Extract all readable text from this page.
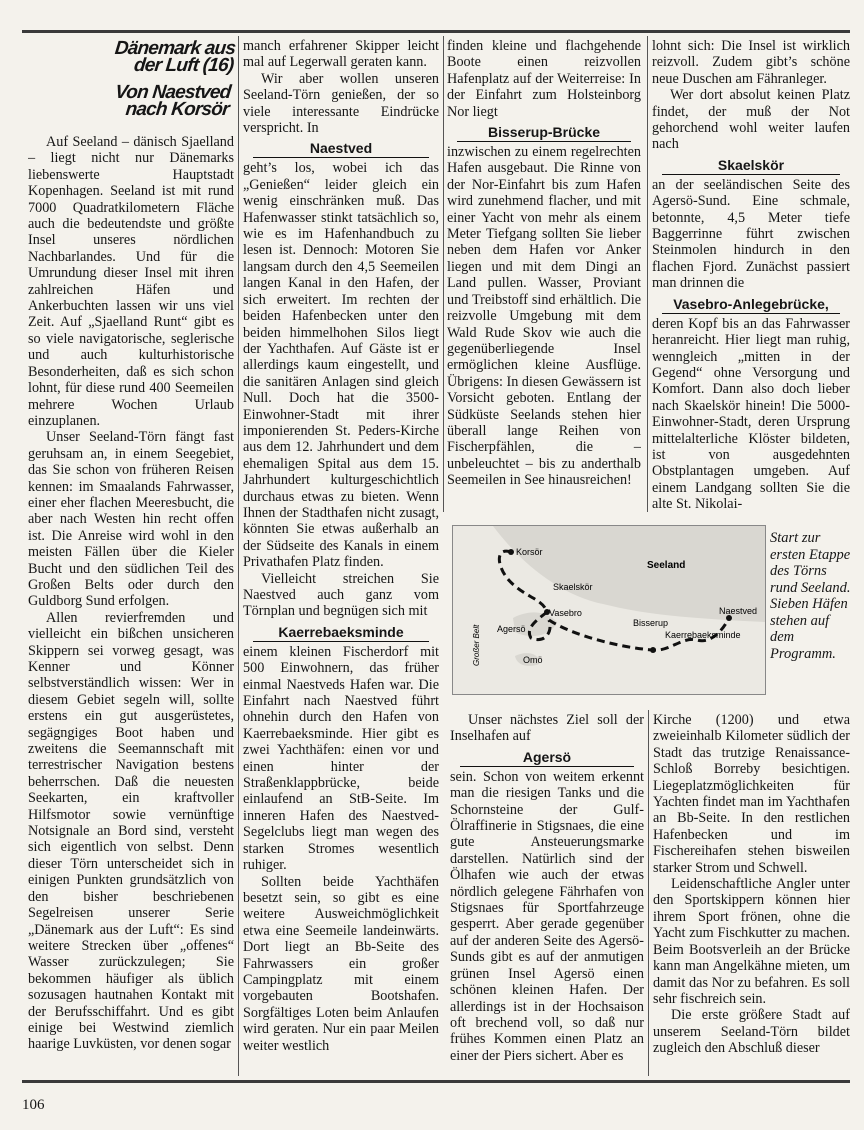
Dänemark aus der Luft (16)
Von Naestved nach Korsör

Auf Seeland – dänisch Sjaelland – liegt nicht nur Dänemarks liebenswerte Hauptstadt Kopenhagen. Seeland ist mit rund 7000 Quadratkilometern Fläche auch die bedeutendste und größte Insel unseres nördlichen Nachbarlandes. Und für die Umrundung dieser Insel mit ihren zahlreichen Häfen und Ankerbuchten lassen wir uns viel Zeit. Auf „Sjaelland Runt“ gibt es so viele navigatorische, seglerische und auch kulturhistorische Besonderheiten, daß es sich schon lohnt, für diese rund 400 Seemeilen mehrere Wochen Urlaub einzuplanen.

Unser Seeland-Törn fängt fast geruhsam an, in einem Seegebiet, das Sie schon von früheren Reisen kennen: im Smaalands Fahrwasser, einer eher flachen Meeresbucht, die aber nach Westen hin recht offen ist. Die Anreise wird wohl in den meisten Fällen über die Kieler Bucht und den südlichen Teil des Großen Belts oder durch den Guldborg Sund erfolgen.

Allen revierfremden und vielleicht ein bißchen unsicheren Skippern sei vorweg gesagt, was Kenner und Könner selbstverständlich wissen: Wer in diesem Gebiet segeln will, sollte erstens ein gut ausgerüstetes, segägngiges Boot haben und zweitens die Seemannschaft mit terrestrischer Navigation bestens beherrschen. Daß die neuesten Seekarten, ein kraftvoller Hilfsmotor sowie vernünftige Notsignale an Bord sind, versteht sich eigentlich von selbst. Denn dieser Törn unterscheidet sich in einigen Punkten grundsätzlich von den bisher beschriebenen Segelreisen unserer Serie „Dänemark aus der Luft“: Es sind weitere Strecken über „offenes“ Wasser zurückzulegen; Sie bekommen häufiger als üblich sozusagen hautnahen Kontakt mit der Berufsschiffahrt. Und es gibt einige bei Westwind ziemlich haarige Luvküsten, vor denen sogar

manch erfahrener Skipper leicht mal auf Legerwall geraten kann.

Wir aber wollen unseren Seeland-Törn genießen, der so viele interessante Eindrücke verspricht. In

Naestved

geht’s los, wobei ich das „Genießen“ leider gleich ein wenig einschränken muß. Das Hafenwasser stinkt tatsächlich so, wie es im Hafenhandbuch zu lesen ist. Dennoch: Motoren Sie langsam durch den 4,5 Seemeilen langen Kanal in den Hafen, der sich erweitert. Im rechten der beiden Hafenbecken unter den beiden himmelhohen Silos liegt der Yachthafen. Auf Gäste ist er allerdings kaum eingestellt, und die sanitären Anlagen sind gleich Null. Doch hat die 3500-Einwohner-Stadt mit ihrer imponierenden St. Peders-Kirche aus dem 12. Jahrhundert und dem ehemaligen Spital aus dem 15. Jahrhundert kulturgeschichtlich durchaus etwas zu bieten. Wenn Ihnen der Stadthafen nicht zusagt, könnten Sie etwas außerhalb an der Südseite des Kanals in einem Privathafen Platz finden.

Vielleicht streichen Sie Naestved auch ganz vom Törnplan und begnügen sich mit

Kaerrebaeksminde

einem kleinen Fischerdorf mit 500 Einwohnern, das früher einmal Naestveds Hafen war. Die Einfahrt nach Naestved führt ohnehin durch den Hafen von Kaerrebaeksminde. Hier gibt es zwei Yachthäfen: einen vor und einen hinter der Straßenklappbrücke, beide einlaufend an StB-Seite. Im inneren Hafen des Naestved-Segelclubs liegt man wegen des starken Stromes wesentlich ruhiger.

Sollten beide Yachthäfen besetzt sein, so gibt es eine weitere Ausweichmöglichkeit etwa eine Seemeile landeinwärts. Dort liegt an Bb-Seite des Fahrwassers ein großer Campingplatz mit einem vorgebauten Bootshafen. Sorgfältiges Loten beim Anlaufen wird geraten. Nur ein paar Meilen weiter westlich

finden kleine und flachgehende Boote einen reizvollen Hafenplatz auf der Weiterreise: In der Einfahrt zum Holsteinborg Nor liegt

Bisserup-Brücke

inzwischen zu einem regelrechten Hafen ausgebaut. Die Rinne von der Nor-Einfahrt bis zum Hafen wird zunehmend flacher, und mit einer Yacht von mehr als einem Meter Tiefgang sollten Sie lieber neben dem Hafen vor Anker liegen und mit dem Dingi an Land pullen. Wasser, Proviant und Treibstoff sind erhältlich. Die reizvolle Umgebung mit dem Wald Rude Skov wie auch die gegenüberliegende Insel ermöglichen kleine Ausflüge. Übrigens: In diesen Gewässern ist Vorsicht geboten. Entlang der Südküste Seelands stehen hier überall lange Reihen von Fischerpfählen, die – unbeleuchtet – bis zu anderthalb Seemeilen in See hinausreichen!

lohnt sich: Die Insel ist wirklich reizvoll. Zudem gibt’s schöne neue Duschen am Fähranleger.

Wer dort absolut keinen Platz findet, der muß der Not gehorchend wohl weiter laufen nach

Skaelskör

an der seeländischen Seite des Agersö-Sund. Eine schmale, betonnte, 4,5 Meter tiefe Baggerrinne führt zwischen Steinmolen hindurch in den flachen Fjord. Zunächst passiert man drinnen die

Vasebro-Anlegebrücke,

deren Kopf bis an das Fahrwasser heranreicht. Hier liegt man ruhig, wenngleich „mitten in der Gegend“ ohne Versorgung und Komfort. Dann also doch lieber nach Skaelskör hinein! Die 5000-Einwohner-Stadt, deren Ursprung mittelalterliche Klöster bildeten, ist von ausgedehnten Obstplantagen umgeben. Auf einem Landgang sollten Sie die alte St. Nikolai-

Korsör
Seeland
Skaelskör
Vasebro
Agersö
Bisserup
Naestved
Kaerrebaeksminde
Großer Belt	Omö
Start zur ersten Etappe des Törns rund Seeland. Sieben Häfen stehen auf dem Programm.

Unser nächstes Ziel soll der Inselhafen auf

Agersö

sein. Schon von weitem erkennt man die riesigen Tanks und die Schornsteine der Gulf-Ölraffinerie in Stigsnaes, die eine gute Ansteuerungsmarke darstellen. Natürlich sind der Ölhafen wie auch der etwas nördlich gelegene Fährhafen von Stigsnaes für Sportfahrzeuge gesperrt. Aber gerade gegenüber auf der anderen Seite des Agersö-Sunds gibt es auf der anmutigen grünen Insel Agersö einen schönen kleinen Hafen. Der allerdings ist in der Hochsaison oft brechend voll, so daß nur frühes Kommen einen Platz an einer der Piers sichert. Aber es

Kirche (1200) und etwa zweieinhalb Kilometer südlich der Stadt das trutzige Renaissance-Schloß Borreby besichtigen. Liegeplatzmöglichkeiten für Yachten findet man im Yachthafen an Bb-Seite. In den restlichen Hafenbecken und im Fischereihafen stehen bisweilen starker Strom und Schwell.

Leidenschaftliche Angler unter den Sportskippern können hier ihrem Sport frönen, ohne die Yacht zum Fischkutter zu machen. Beim Bootsverleih an der Brücke kann man Angelkähne mieten, um damit das Nor zu befahren. Es soll sehr fischreich sein.

Die erste größere Stadt auf unserem Seeland-Törn bildet zugleich den Abschluß dieser

106
